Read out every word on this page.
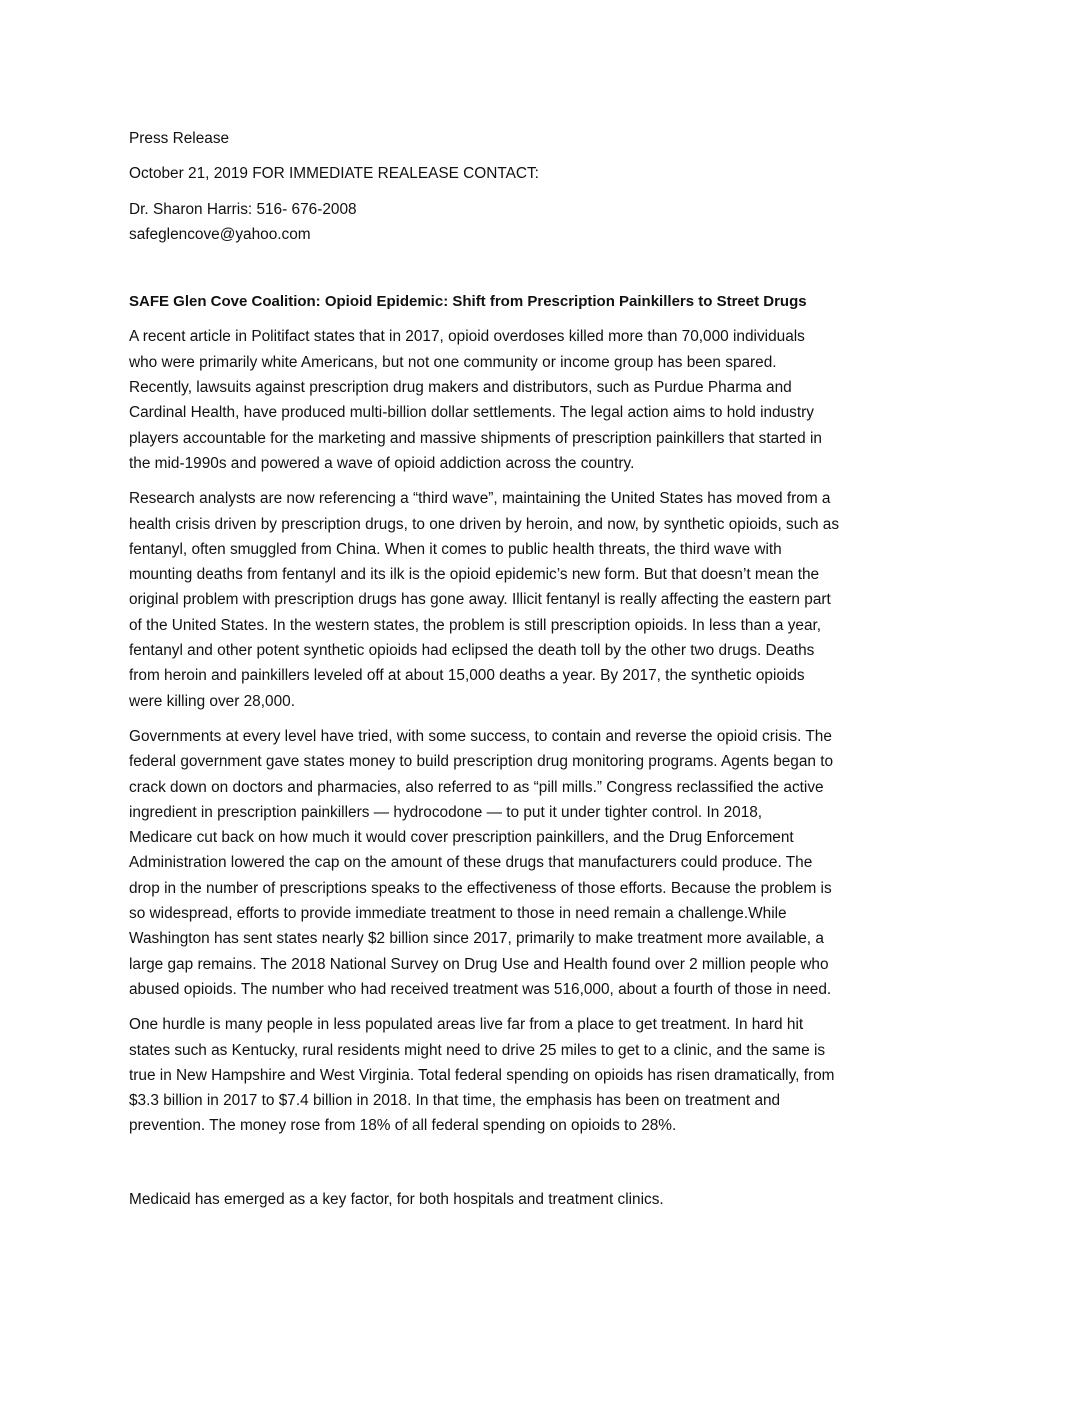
Press Release

October 21, 2019 FOR IMMEDIATE REALEASE CONTACT:

Dr. Sharon Harris: 516- 676-2008

safeglencove@yahoo.com

SAFE Glen Cove Coalition: Opioid Epidemic: Shift from Prescription Painkillers to Street Drugs

A recent article in Politifact states that in 2017, opioid overdoses killed more than 70,000 individuals

who were primarily white Americans, but not one community or income group has been spared.

Recently, lawsuits against prescription drug makers and distributors, such as Purdue Pharma and

Cardinal Health, have produced multi-billion dollar settlements. The legal action aims to hold industry

players accountable for the marketing and massive shipments of prescription painkillers that started in

the mid-1990s and powered a wave of opioid addiction across the country.

Research analysts are now referencing a “third wave”, maintaining the United States has moved from a

health crisis driven by prescription drugs, to one driven by heroin, and now, by synthetic opioids, such as

fentanyl, often smuggled from China. When it comes to public health threats, the third wave with

mounting deaths from fentanyl and its ilk is the opioid epidemic’s new form. But that doesn’t mean the

original problem with prescription drugs has gone away. Illicit fentanyl is really affecting the eastern part

of the United States. In the western states, the problem is still prescription opioids. In less than a year,

fentanyl and other potent synthetic opioids had eclipsed the death toll by the other two drugs. Deaths

from heroin and painkillers leveled off at about 15,000 deaths a year. By 2017, the synthetic opioids

were killing over 28,000.

Governments at every level have tried, with some success, to contain and reverse the opioid crisis. The

federal government gave states money to build prescription drug monitoring programs. Agents began to

crack down on doctors and pharmacies, also referred to as “pill mills.” Congress reclassified the active

ingredient in prescription painkillers — hydrocodone — to put it under tighter control. In 2018,

Medicare cut back on how much it would cover prescription painkillers, and the Drug Enforcement

Administration lowered the cap on the amount of these drugs that manufacturers could produce. The

drop in the number of prescriptions speaks to the effectiveness of those efforts. Because the problem is

so widespread, efforts to provide immediate treatment to those in need remain a challenge.While

Washington has sent states nearly $2 billion since 2017, primarily to make treatment more available, a

large gap remains. The 2018 National Survey on Drug Use and Health found over 2 million people who

abused opioids. The number who had received treatment was 516,000, about a fourth of those in need.

One hurdle is many people in less populated areas live far from a place to get treatment. In hard hit

states such as Kentucky, rural residents might need to drive 25 miles to get to a clinic, and the same is

true in New Hampshire and West Virginia. Total federal spending on opioids has risen dramatically, from

$3.3 billion in 2017 to $7.4 billion in 2018. In that time, the emphasis has been on treatment and

prevention. The money rose from 18% of all federal spending on opioids to 28%.

Medicaid has emerged as a key factor, for both hospitals and treatment clinics.
